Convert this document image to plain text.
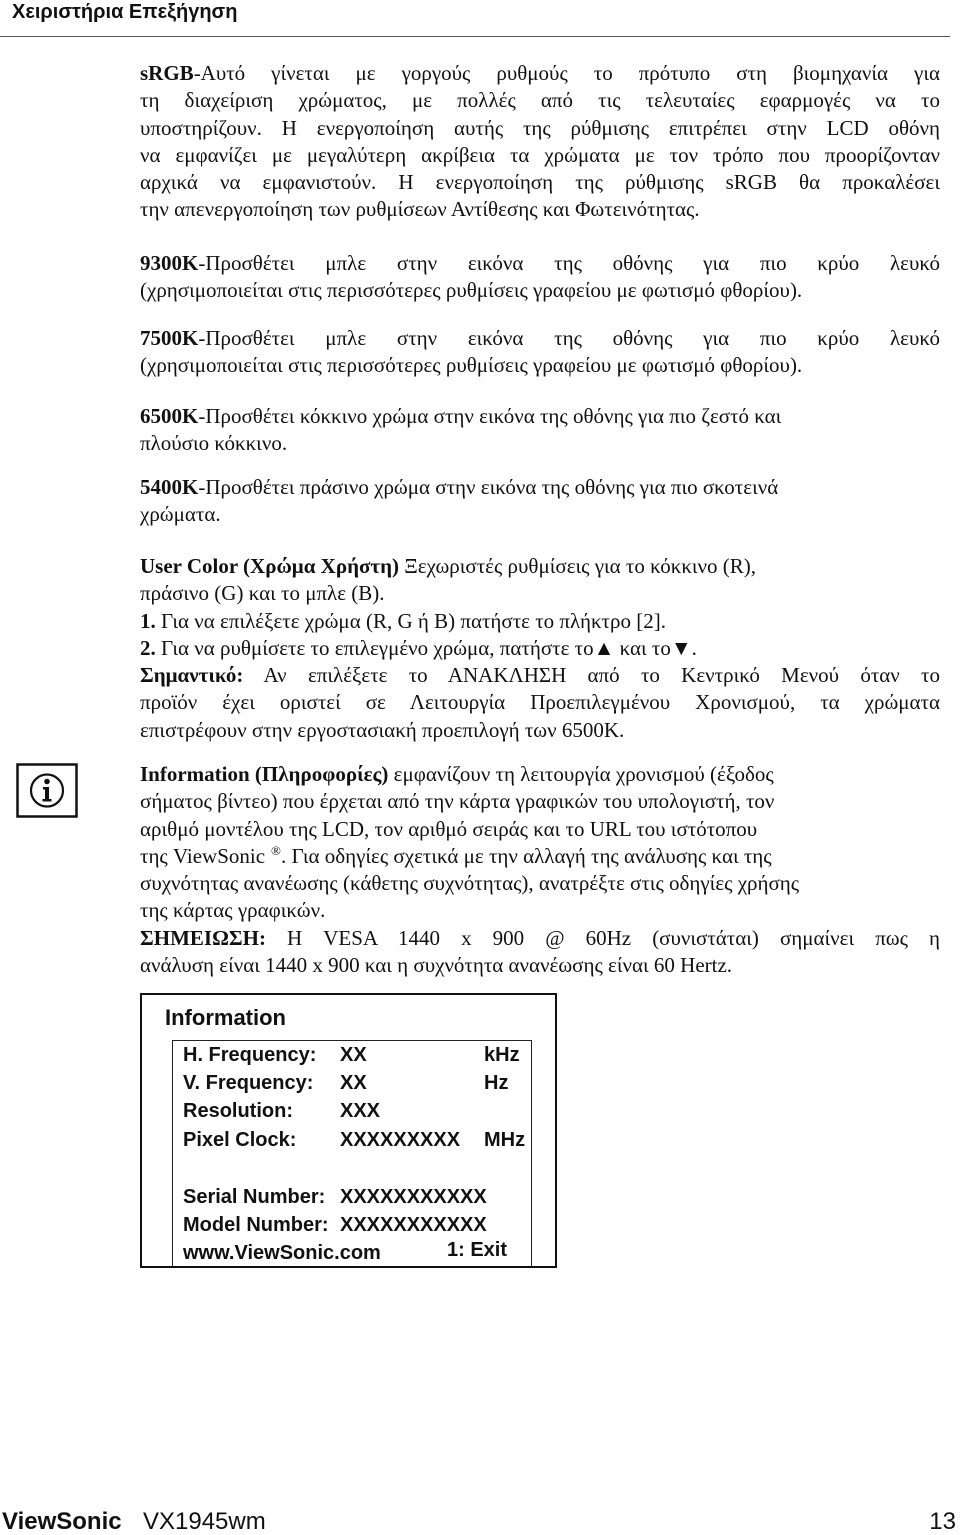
Χειριστήρια Επεξήγηση
sRGB-Αυτό γίνεται με γοργούς ρυθμούς το πρότυπο στη βιομηχανία για
τη διαχείριση χρώματος, με πολλές από τις τελευταίες εφαρμογές να το
υποστηρίζουν. Η ενεργοποίηση αυτής της ρύθμισης επιτρέπει στην LCD οθόνη
να εμφανίζει με μεγαλύτερη ακρίβεια τα χρώματα με τον τρόπο που προορίζονταν
αρχικά να εμφανιστούν. Η ενεργοποίηση της ρύθμισης sRGB θα προκαλέσει
την απενεργοποίηση των ρυθμίσεων Αντίθεσης και Φωτεινότητας.
9300K-Προσθέτει μπλε στην εικόνα της οθόνης για πιο κρύο λευκό
(χρησιμοποιείται στις περισσότερες ρυθμίσεις γραφείου με φωτισμό φθορίου).
7500K-Προσθέτει μπλε στην εικόνα της οθόνης για πιο κρύο λευκό
(χρησιμοποιείται στις περισσότερες ρυθμίσεις γραφείου με φωτισμό φθορίου).
6500K-Προσθέτει κόκκινο χρώμα στην εικόνα της οθόνης για πιο ζεστό και
πλούσιο κόκκινο.
5400K-Προσθέτει πράσινο χρώμα στην εικόνα της οθόνης για πιο σκοτεινά
χρώματα.
User Color (Χρώμα Χρήστη) Ξεχωριστές ρυθμίσεις για το κόκκινο (R),
πράσινο (G) και το μπλε (B).
1. Για να επιλέξετε χρώμα (R, G ή B) πατήστε το πλήκτρο [2].
2. Για να ρυθμίσετε το επιλεγμένο χρώμα, πατήστε το▲ και το▼.
Σημαντικό: Αν επιλέξετε το ΑΝΑΚΛΗΣΗ από το Κεντρικό Μενού όταν το
προϊόν έχει οριστεί σε Λειτουργία Προεπιλεγμένου Χρονισμού, τα χρώματα
επιστρέφουν στην εργοστασιακή προεπιλογή των 6500K.
Information (Πληροφορίες) εμφανίζουν τη λειτουργία χρονισμού (έξοδος
σήματος βίντεο) που έρχεται από την κάρτα γραφικών του υπολογιστή, τον
αριθμό μοντέλου της LCD, τον αριθμό σειράς και το URL του ιστότοπου
της ViewSonic ®. Για οδηγίες σχετικά με την αλλαγή της ανάλυσης και της
συχνότητας ανανέωσης (κάθετης συχνότητας), ανατρέξτε στις οδηγίες χρήσης
της κάρτας γραφικών.
ΣΗΜΕΙΩΣΗ: Η VESA 1440 x 900 @ 60Hz (συνιστάται) σημαίνει πως η
ανάλυση είναι 1440 x 900 και η συχνότητα ανανέωσης είναι 60 Hertz.
Information
H. Frequency: XX	kHz
V. Frequency: XX	Hz
Resolution: XXX
Pixel Clock: XXXXXXXXX MHz
Serial Number: XXXXXXXXXXX
Model Number: XXXXXXXXXXX
www.ViewSonic.com	1: Exit
ViewSonic VX1945wm	13
